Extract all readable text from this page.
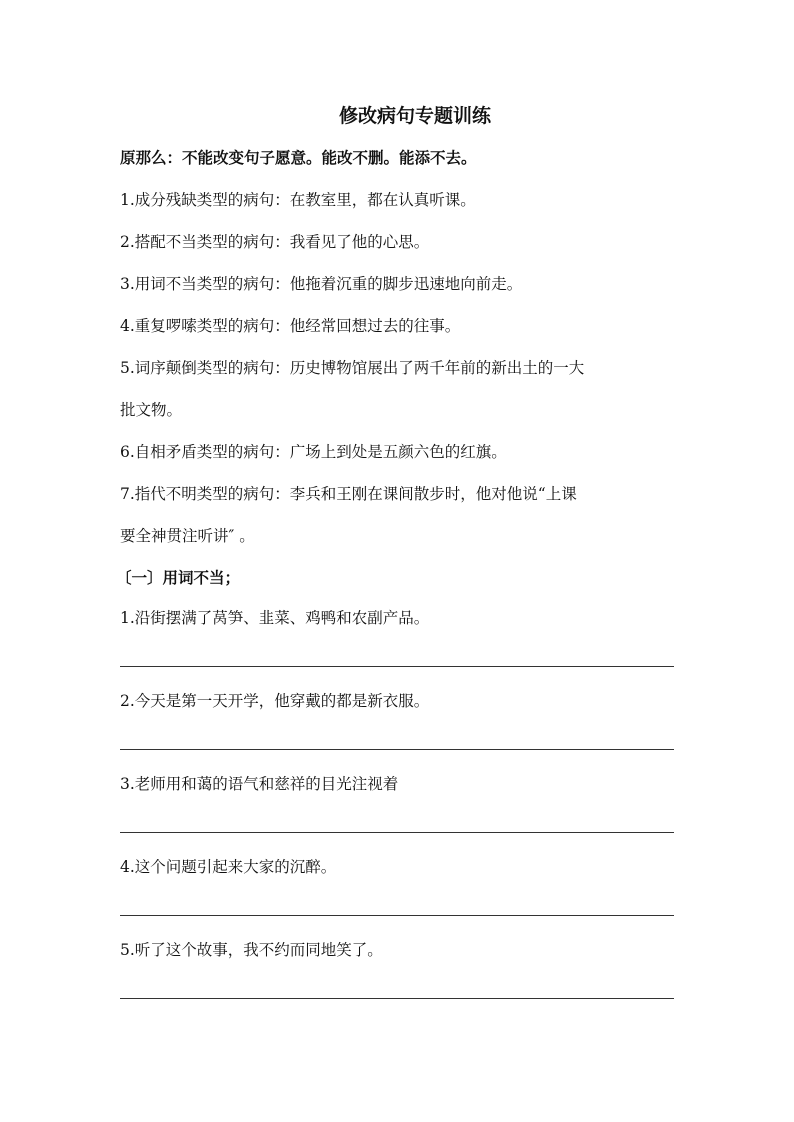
修改病句专题训练
原那么：不能改变句子愿意。能改不删。能添不去。
1.成分残缺类型的病句：在教室里，都在认真听课。
2.搭配不当类型的病句：我看见了他的心思。
3.用词不当类型的病句：他拖着沉重的脚步迅速地向前走。
4.重复啰嗦类型的病句：他经常回想过去的往事。
5.词序颠倒类型的病句：历史博物馆展出了两千年前的新出土的一大
批文物。
6.自相矛盾类型的病句：广场上到处是五颜六色的红旗。
7.指代不明类型的病句：李兵和王刚在课间散步时，他对他说“上课
要全神贯注听讲″ 。
〔一〕用词不当；
1.沿街摆满了莴笋、韭菜、鸡鸭和农副产品。
2.今天是第一天开学，他穿戴的都是新衣服。
3.老师用和蔼的语气和慈祥的目光注视着
4.这个问题引起来大家的沉醉。
5.听了这个故事，我不约而同地笑了。
